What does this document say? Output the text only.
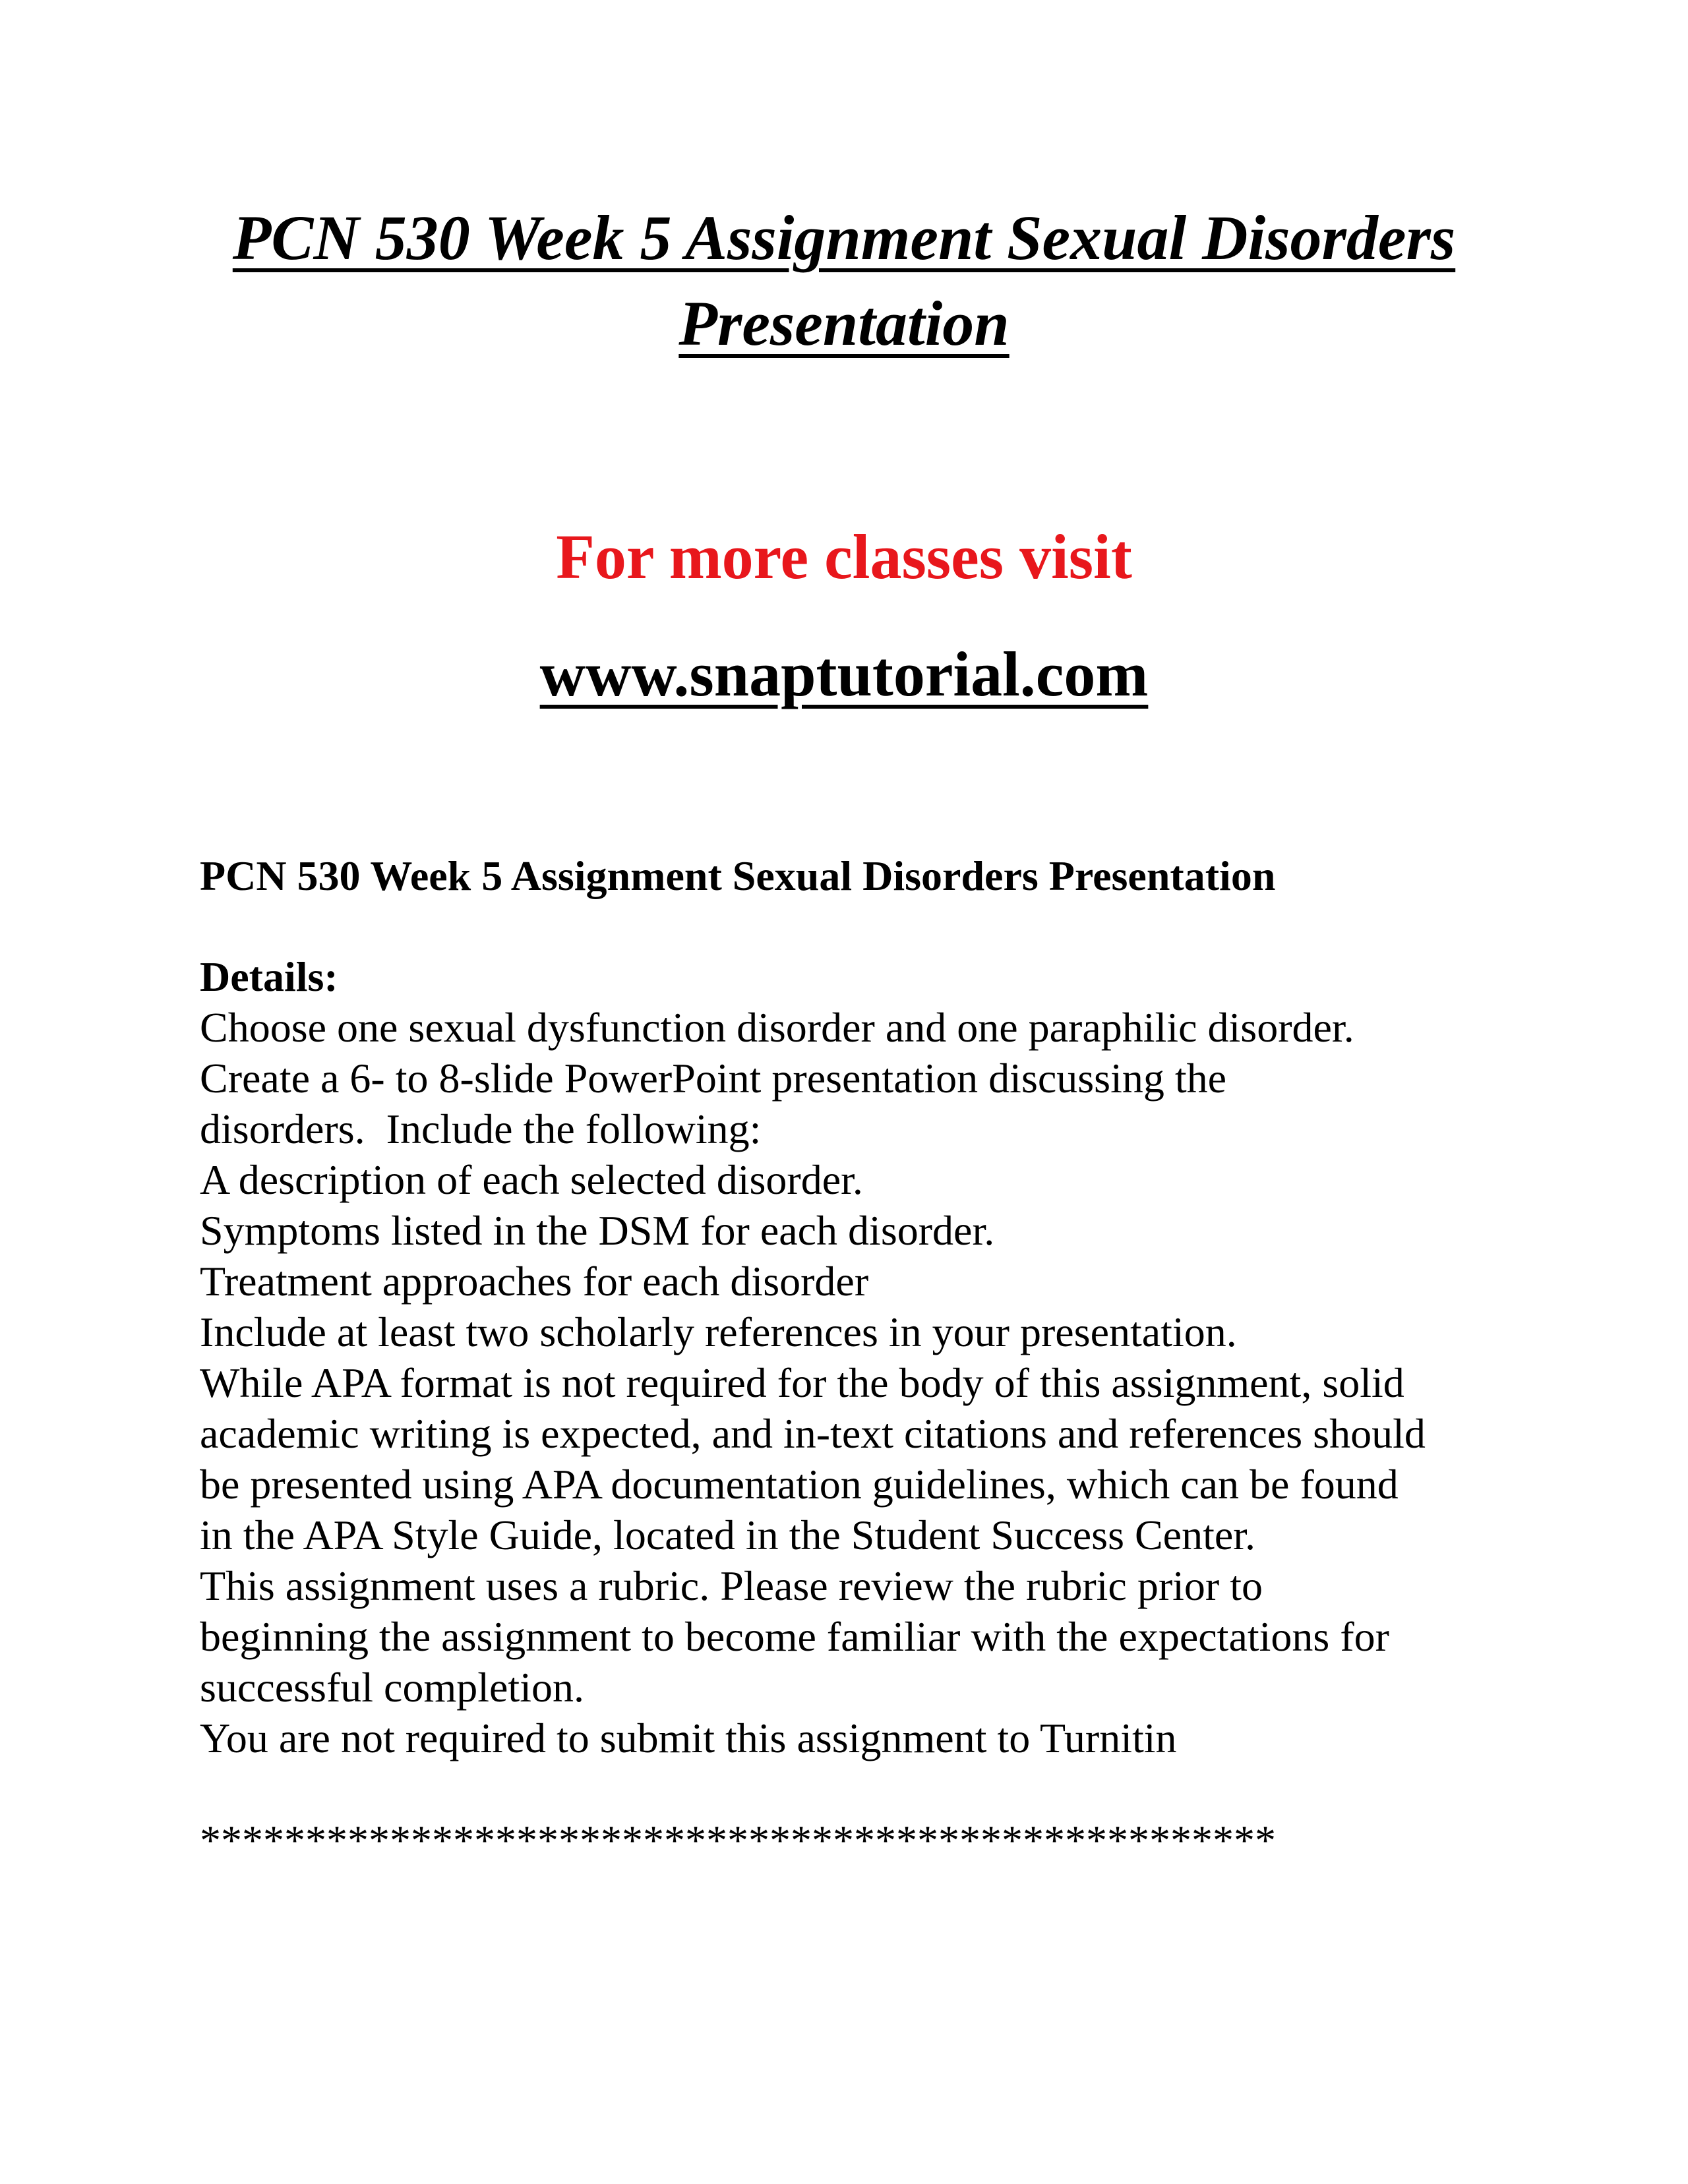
PCN 530 Week 5 Assignment Sexual Disorders
Presentation

For more classes visit

www.snaptutorial.com

PCN 530 Week 5 Assignment Sexual Disorders Presentation

Details:

Choose one sexual dysfunction disorder and one paraphilic disorder.

Create a 6- to 8-slide PowerPoint presentation discussing the

disorders.  Include the following:

A description of each selected disorder.

Symptoms listed in the DSM for each disorder.

Treatment approaches for each disorder

Include at least two scholarly references in your presentation.

While APA format is not required for the body of this assignment, solid

academic writing is expected, and in-text citations and references should

be presented using APA documentation guidelines, which can be found

in the APA Style Guide, located in the Student Success Center.

This assignment uses a rubric. Please review the rubric prior to

beginning the assignment to become familiar with the expectations for

successful completion.

You are not required to submit this assignment to Turnitin

***************************************************
